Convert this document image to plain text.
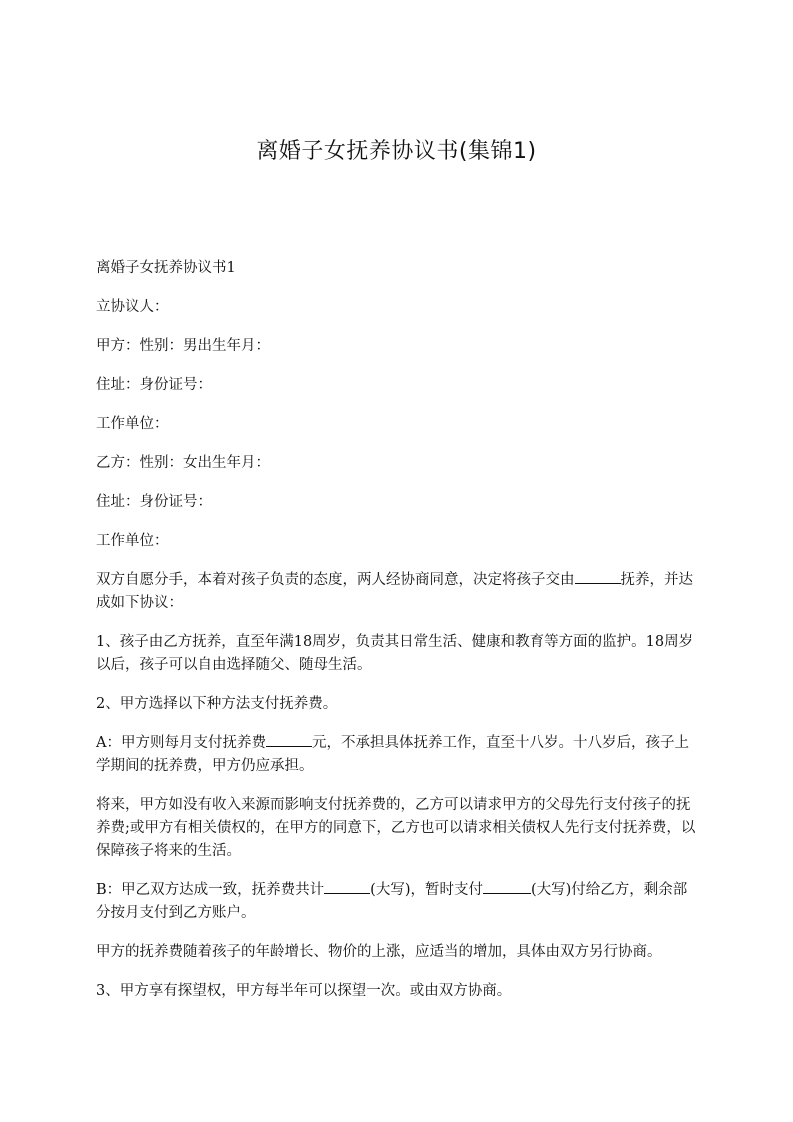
离婚子女抚养协议书(集锦1)

离婚子女抚养协议书1

立协议人：

甲方：性别：男出生年月：

住址：身份证号：

工作单位：

乙方：性别：女出生年月：

住址：身份证号：

工作单位：

双方自愿分手，本着对孩子负责的态度，两人经协商同意，决定将孩子交由	抚养，并达成如下协议：

1、孩子由乙方抚养，直至年满18周岁，负责其日常生活、健康和教育等方面的监护。18周岁以后，孩子可以自由选择随父、随母生活。

2、甲方选择以下种方法支付抚养费。

A：甲方则每月支付抚养费	元，不承担具体抚养工作，直至十八岁。十八岁后，孩子上学期间的抚养费，甲方仍应承担。

将来，甲方如没有收入来源而影响支付抚养费的，乙方可以请求甲方的父母先行支付孩子的抚养费;或甲方有相关债权的，在甲方的同意下，乙方也可以请求相关债权人先行支付抚养费，以保障孩子将来的生活。

B：甲乙双方达成一致，抚养费共计	(大写)，暂时支付	(大写)付给乙方，剩余部分按月支付到乙方账户。

甲方的抚养费随着孩子的年龄增长、物价的上涨，应适当的增加，具体由双方另行协商。

3、甲方享有探望权，甲方每半年可以探望一次。或由双方协商。
